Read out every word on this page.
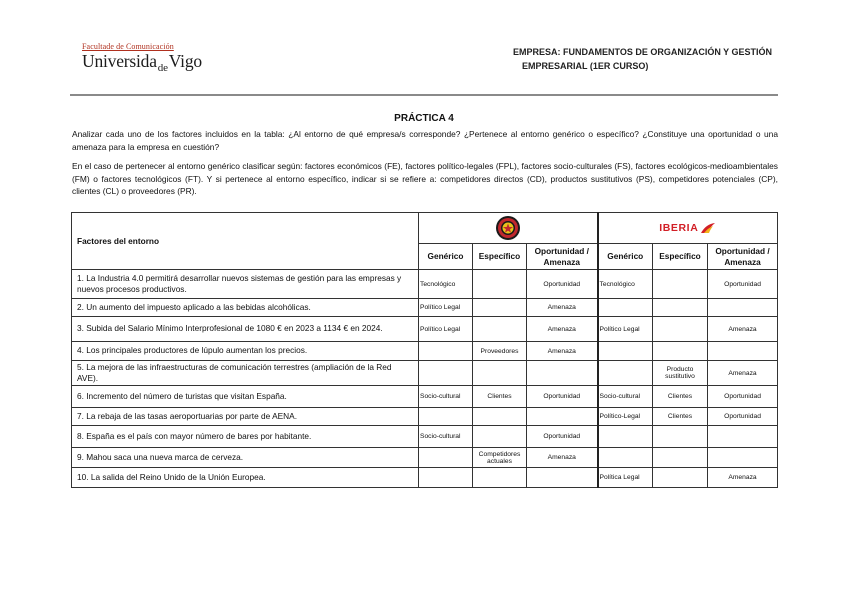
Facultade de Comunicación
Universida$_{de}$Vigo	EMPRESA: FUNDAMENTOS DE ORGANIZACIÓN Y GESTIÓN
EMPRESARIAL (1ER CURSO)
PRÁCTICA 4
Analizar cada uno de los factores incluidos en la tabla: ¿Al entorno de qué empresa/s corresponde? ¿Pertenece al entorno genérico o específico? ¿Constituye una oportunidad o una amenaza para la empresa en cuestión?
En el caso de pertenecer al entorno genérico clasificar según: factores económicos (FE), factores político-legales (FPL), factores socio-culturales (FS), factores ecológicos-medioambientales (FM) o factores tecnológicos (FT). Y si pertenece al entorno específico, indicar si se refiere a: competidores directos (CD), productos sustitutivos (PS), competidores potenciales (CP), clientes (CL) o proveedores (PR).
Factores del entorno				IBERIA		

	Genérico	Específico	Oportunidad / Amenaza	Genérico	Específico	Oportunidad / Amenaza
1. La Industria 4.0 permitirá desarrollar nuevos sistemas de gestión para las empresas y nuevos procesos productivos.	Tecnológico		Oportunidad	Tecnológico		Oportunidad
2. Un aumento del impuesto aplicado a las bebidas alcohólicas.	Político Legal		Amenaza			
3. Subida del Salario Mínimo Interprofesional de 1080 € en 2023 a 1134 € en 2024.	Político Legal		Amenaza	Político Legal		Amenaza
4. Los principales productores de lúpulo aumentan los precios.		Proveedores	Amenaza			
5. La mejora de las infraestructuras de comunicación terrestres (ampliación de la Red AVE).					Producto sustitutivo	Amenaza
6. Incremento del número de turistas que visitan España.	Socio-cultural	Clientes	Oportunidad	Socio-cultural	Clientes	Oportunidad
7. La rebaja de las tasas aeroportuarias por parte de AENA.				Político-Legal	Clientes	Oportunidad
8. España es el país con mayor número de bares por habitante.	Socio-cultural		Oportunidad			
9. Mahou saca una nueva marca de cerveza.		Competidores actuales	Amenaza			
10. La salida del Reino Unido de la Unión Europea.				Política Legal		Amenaza
